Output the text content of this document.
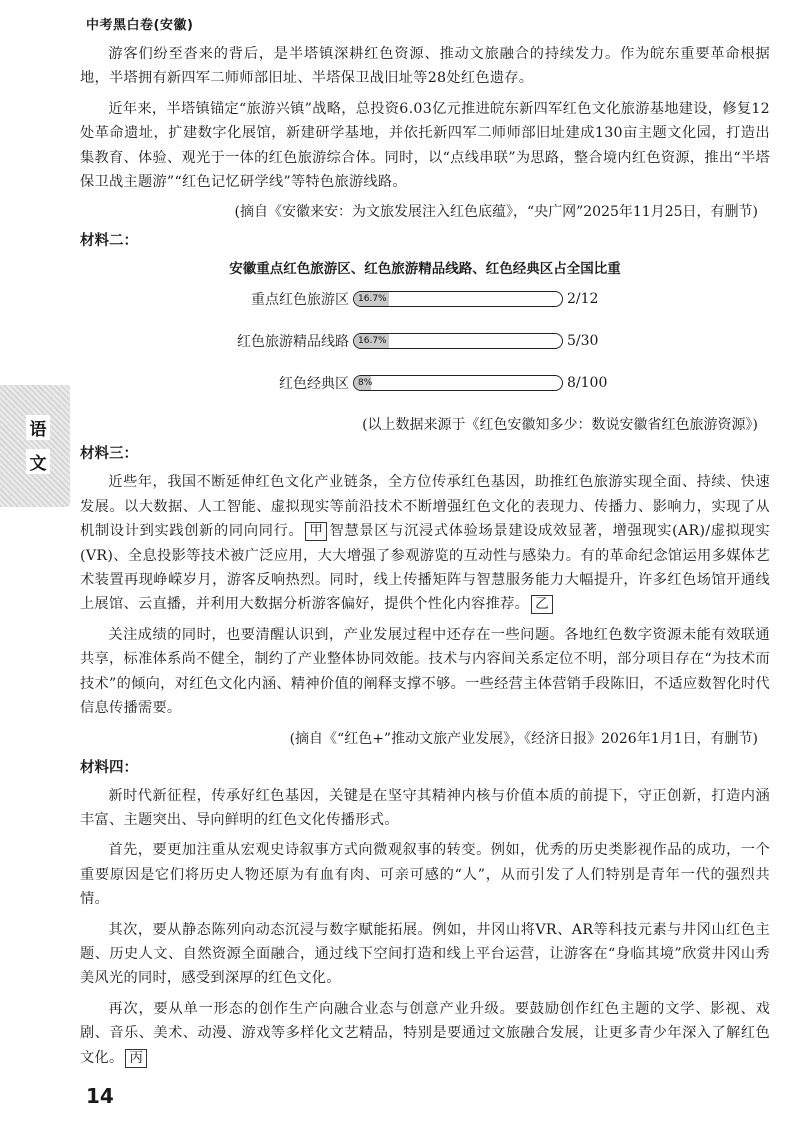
中考黑白卷(安徽)
语
文

游客们纷至沓来的背后，是半塔镇深耕红色资源、推动文旅融合的持续发力。作为皖东重要革命根据地，半塔拥有新四军二师师部旧址、半塔保卫战旧址等28处红色遗存。

近年来，半塔镇锚定“旅游兴镇”战略，总投资6.03亿元推进皖东新四军红色文化旅游基地建设，修复12处革命遗址，扩建数字化展馆，新建研学基地，并依托新四军二师师部旧址建成130亩主题文化园，打造出集教育、体验、观光于一体的红色旅游综合体。同时，以“点线串联”为思路，整合境内红色资源，推出“半塔保卫战主题游”“红色记忆研学线”等特色旅游线路。

(摘自《安徽来安：为文旅发展注入红色底蕴》，“央广网”2025年11月25日，有删节)

材料二：

安徽重点红色旅游区、红色旅游精品线路、红色经典区占全国比重
重点红色旅游区	16.7%	2/12
红色旅游精品线路	16.7%	5/30
红色经典区	8%	8/100

(以上数据来源于《红色安徽知多少：数说安徽省红色旅游资源》)

材料三：

近些年，我国不断延伸红色文化产业链条，全方位传承红色基因，助推红色旅游实现全面、持续、快速发展。以大数据、人工智能、虚拟现实等前沿技术不断增强红色文化的表现力、传播力、影响力，实现了从机制设计到实践创新的同向同行。 甲 智慧景区与沉浸式体验场景建设成效显著，增强现实(AR)/虚拟现实(VR)、全息投影等技术被广泛应用，大大增强了参观游览的互动性与感染力。有的革命纪念馆运用多媒体艺术装置再现峥嵘岁月，游客反响热烈。同时，线上传播矩阵与智慧服务能力大幅提升，许多红色场馆开通线上展馆、云直播，并利用大数据分析游客偏好，提供个性化内容推荐。 乙

关注成绩的同时，也要清醒认识到，产业发展过程中还存在一些问题。各地红色数字资源未能有效联通共享，标准体系尚不健全，制约了产业整体协同效能。技术与内容间关系定位不明，部分项目存在“为技术而技术”的倾向，对红色文化内涵、精神价值的阐释支撑不够。一些经营主体营销手段陈旧，不适应数智化时代信息传播需要。

(摘自《“红色+”推动文旅产业发展》，《经济日报》2026年1月1日，有删节)

材料四：

新时代新征程，传承好红色基因，关键是在坚守其精神内核与价值本质的前提下，守正创新，打造内涵丰富、主题突出、导向鲜明的红色文化传播形式。

首先，要更加注重从宏观史诗叙事方式向微观叙事的转变。例如，优秀的历史类影视作品的成功，一个重要原因是它们将历史人物还原为有血有肉、可亲可感的“人”，从而引发了人们特别是青年一代的强烈共情。

其次，要从静态陈列向动态沉浸与数字赋能拓展。例如，井冈山将VR、AR等科技元素与井冈山红色主题、历史人文、自然资源全面融合，通过线下空间打造和线上平台运营，让游客在“身临其境”欣赏井冈山秀美风光的同时，感受到深厚的红色文化。

再次，要从单一形态的创作生产向融合业态与创意产业升级。要鼓励创作红色主题的文学、影视、戏剧、音乐、美术、动漫、游戏等多样化文艺精品，特别是要通过文旅融合发展，让更多青少年深入了解红色文化。 丙

14
